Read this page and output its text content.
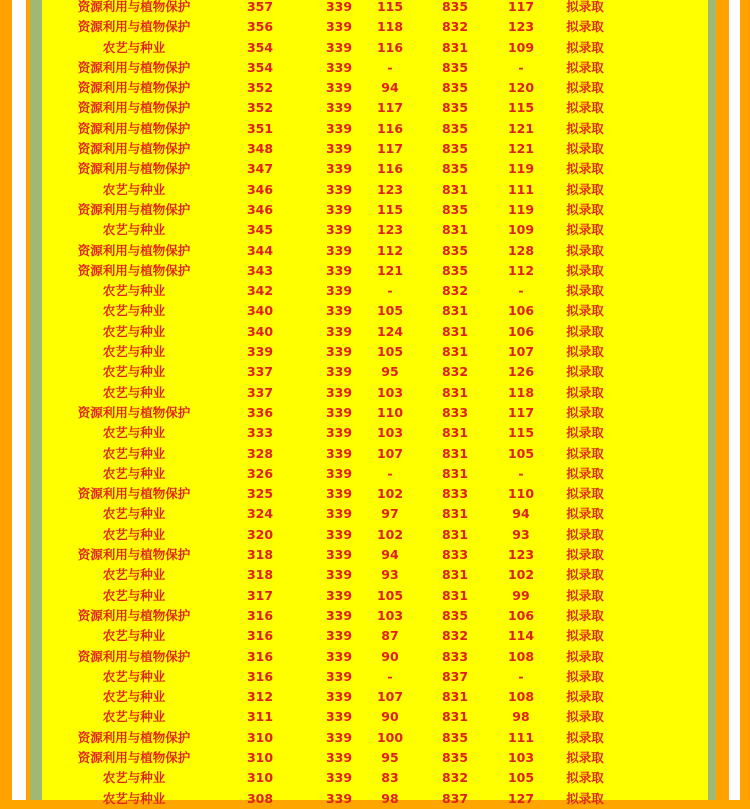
资源利用与植物保护	357	339	115	835	117	拟录取
资源利用与植物保护	356	339	118	832	123	拟录取
农艺与种业	354	339	116	831	109	拟录取
资源利用与植物保护	354	339	-	835	-	拟录取
资源利用与植物保护	352	339	94	835	120	拟录取
资源利用与植物保护	352	339	117	835	115	拟录取
资源利用与植物保护	351	339	116	835	121	拟录取
资源利用与植物保护	348	339	117	835	121	拟录取
资源利用与植物保护	347	339	116	835	119	拟录取
农艺与种业	346	339	123	831	111	拟录取
资源利用与植物保护	346	339	115	835	119	拟录取
农艺与种业	345	339	123	831	109	拟录取
资源利用与植物保护	344	339	112	835	128	拟录取
资源利用与植物保护	343	339	121	835	112	拟录取
农艺与种业	342	339	-	832	-	拟录取
农艺与种业	340	339	105	831	106	拟录取
农艺与种业	340	339	124	831	106	拟录取
农艺与种业	339	339	105	831	107	拟录取
农艺与种业	337	339	95	832	126	拟录取
农艺与种业	337	339	103	831	118	拟录取
资源利用与植物保护	336	339	110	833	117	拟录取
农艺与种业	333	339	103	831	115	拟录取
农艺与种业	328	339	107	831	105	拟录取
农艺与种业	326	339	-	831	-	拟录取
资源利用与植物保护	325	339	102	833	110	拟录取
农艺与种业	324	339	97	831	94	拟录取
农艺与种业	320	339	102	831	93	拟录取
资源利用与植物保护	318	339	94	833	123	拟录取
农艺与种业	318	339	93	831	102	拟录取
农艺与种业	317	339	105	831	99	拟录取
资源利用与植物保护	316	339	103	835	106	拟录取
农艺与种业	316	339	87	832	114	拟录取
资源利用与植物保护	316	339	90	833	108	拟录取
农艺与种业	316	339	-	837	-	拟录取
农艺与种业	312	339	107	831	108	拟录取
农艺与种业	311	339	90	831	98	拟录取
资源利用与植物保护	310	339	100	835	111	拟录取
资源利用与植物保护	310	339	95	835	103	拟录取
农艺与种业	310	339	83	832	105	拟录取
农艺与种业	308	339	98	837	127	拟录取
